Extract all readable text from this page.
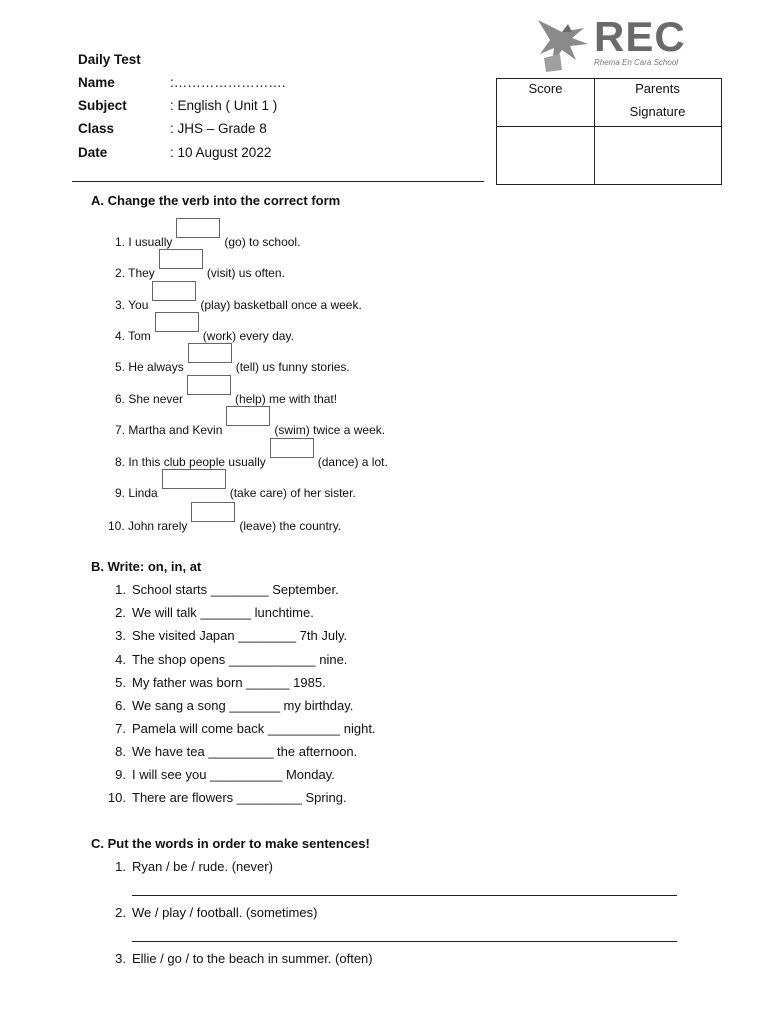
Daily Test
Name	:…………………….
Subject	: English ( Unit 1 )
Class	: JHS – Grade 8
Date	: 10 August 2022
REC
Rhema En Cara School
Score	Parents
Signature
A. Change the verb into the correct form
1. I usually	(go) to school.
2. They	(visit) us often.
3. You	(play) basketball once a week.
4. Tom	(work) every day.
5. He always	(tell) us funny stories.
6. She never	(help) me with that!
7. Martha and Kevin	(swim) twice a week.
8. In this club people usually	(dance) a lot.
9. Linda	(take care) of her sister.
10. John rarely	(leave) the country.
B. Write: on, in, at
1. School starts ________ September.
2. We will talk _______ lunchtime.
3. She visited Japan ________ 7th July.
4. The shop opens ____________ nine.
5. My father was born ______ 1985.
6. We sang a song _______ my birthday.
7. Pamela will come back __________ night.
8. We have tea _________ the afternoon.
9. I will see you __________ Monday.
10. There are flowers _________ Spring.
C. Put the words in order to make sentences!
1. Ryan / be / rude. (never)
2. We / play / football. (sometimes)
3. Ellie / go / to the beach in summer. (often)
